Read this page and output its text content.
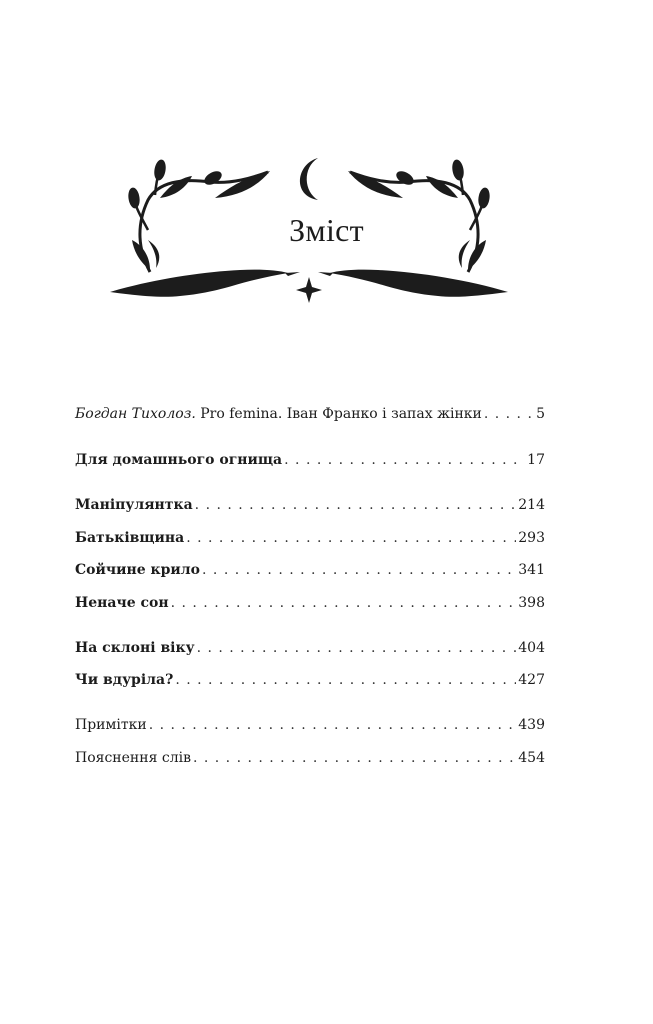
Зміст
Богдан Тихолоз. Pro femina. Іван Франко і запах жінки . . .	5
Для домашнього огнища . . .	17
Маніпулянтка . . .	214
Батьківщина . . .	293
Сойчине крило . . .	341
Неначе сон . . .	398
На склоні віку . . .	404
Чи вдуріла? . . .	427
Примітки . . .	439
Пояснення слів . . .	454
